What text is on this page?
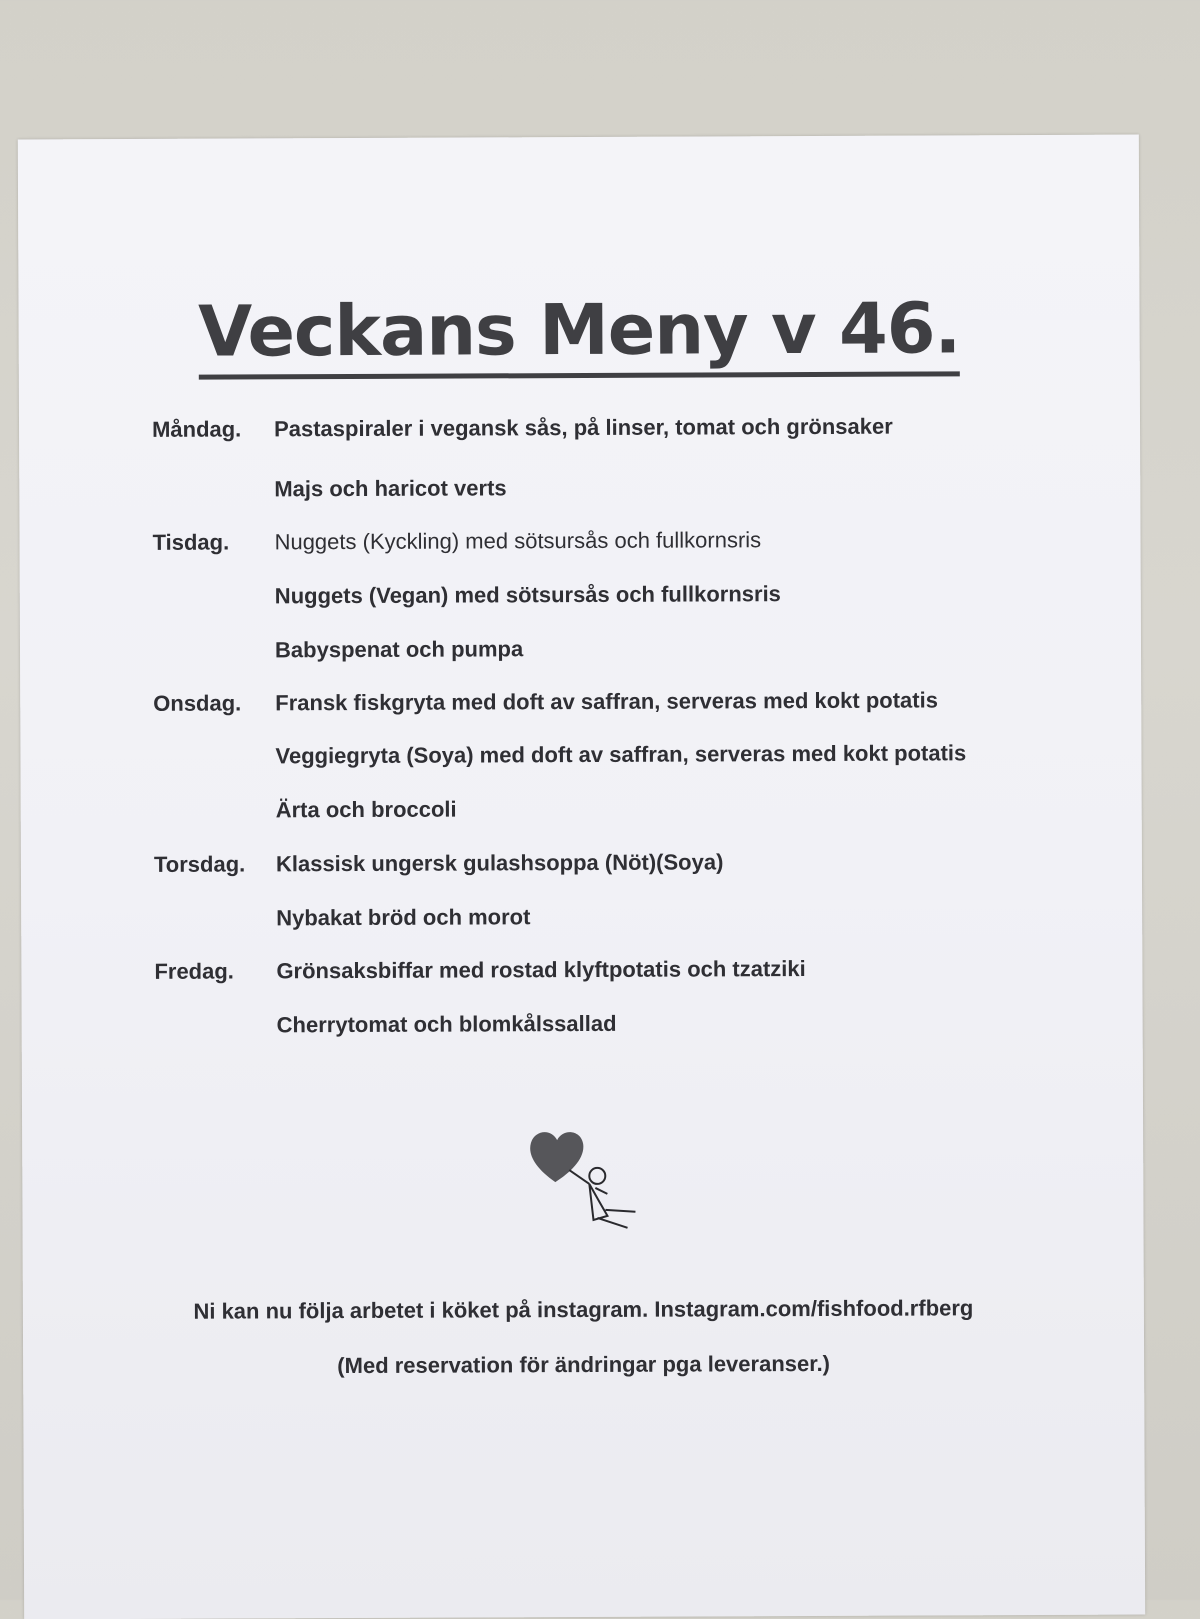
Veckans Meny v 46.
Måndag. Pastaspiraler i vegansk sås, på linser, tomat och grönsaker
Majs och haricot verts
Tisdag. Nuggets (Kyckling) med sötsursås och fullkornsris
Nuggets (Vegan) med sötsursås och fullkornsris
Babyspenat och pumpa
Onsdag. Fransk fiskgryta med doft av saffran, serveras med kokt potatis
Veggiegryta (Soya) med doft av saffran, serveras med kokt potatis
Ärta och broccoli
Torsdag. Klassisk ungersk gulashsoppa (Nöt)(Soya)
Nybakat bröd och morot
Fredag. Grönsaksbiffar med rostad klyftpotatis och tzatziki
Cherrytomat och blomkålssallad
Ni kan nu följa arbetet i köket på instagram. Instagram.com/fishfood.rfberg
(Med reservation för ändringar pga leveranser.)
